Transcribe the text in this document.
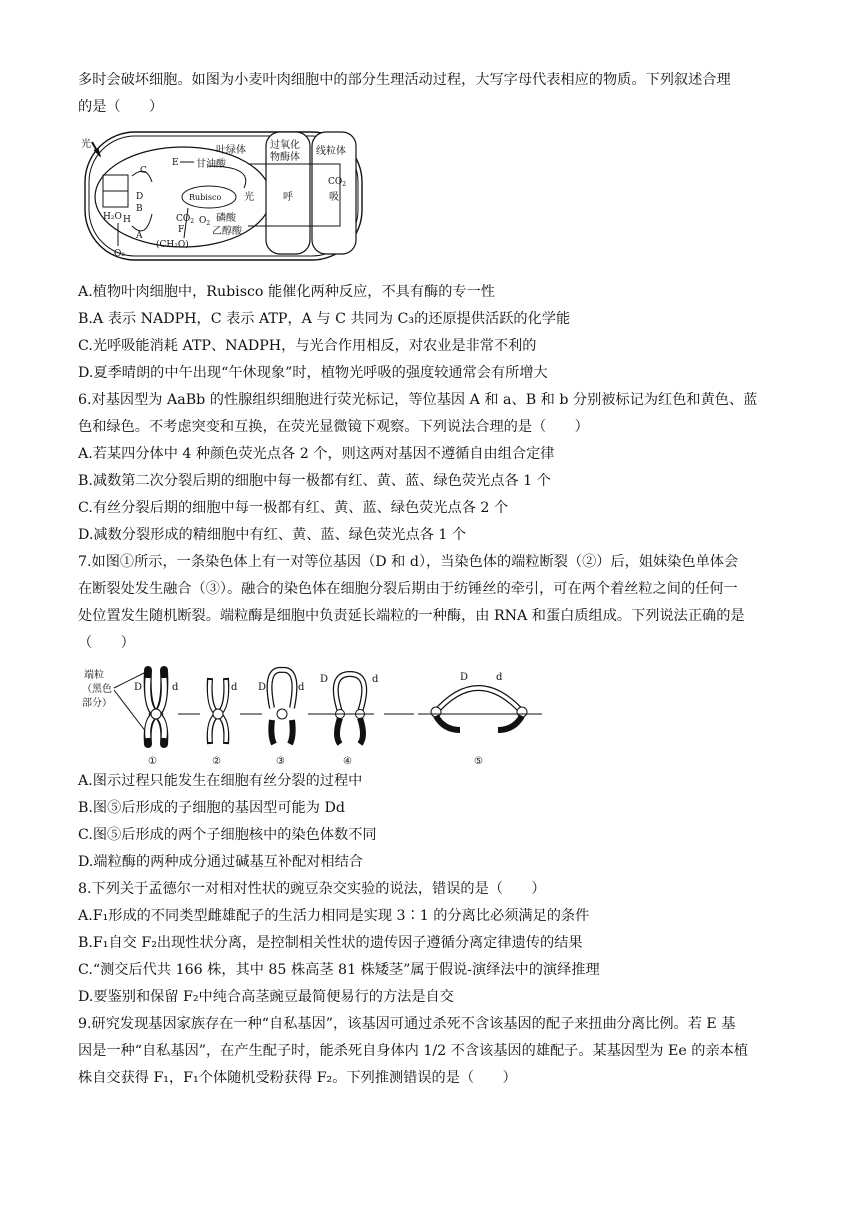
多时会破坏细胞。如图为小麦叶肉细胞中的部分生理活动过程，大写字母代表相应的物质。下列叙述合理
的是（　　）
光
叶绿体
H₂O H
O₂
C
D
B
A
E
F
甘油酸
Rubisco 光
$CO_2$ $O_2$ 磷酸
乙醇酸
(CH₂O)
过氧化
物酶体
呼
线粒体
吸
$CO_2$
A.植物叶肉细胞中，Rubisco 能催化两种反应，不具有酶的专一性
B.A 表示 NADPH，C 表示 ATP，A 与 C 共同为 C₃的还原提供活跃的化学能
C.光呼吸能消耗 ATP、NADPH，与光合作用相反，对农业是非常不利的
D.夏季晴朗的中午出现“午休现象”时，植物光呼吸的强度较通常会有所增大
6.对基因型为 AaBb 的性腺组织细胞进行荧光标记，等位基因 A 和 a、B 和 b 分别被标记为红色和黄色、蓝
色和绿色。不考虑突变和互换，在荧光显微镜下观察。下列说法合理的是（　　）
A.若某四分体中 4 种颜色荧光点各 2 个，则这两对基因不遵循自由组合定律
B.减数第二次分裂后期的细胞中每一极都有红、黄、蓝、绿色荧光点各 1 个
C.有丝分裂后期的细胞中每一极都有红、黄、蓝、绿色荧光点各 2 个
D.减数分裂形成的精细胞中有红、黄、蓝、绿色荧光点各 1 个
7.如图①所示，一条染色体上有一对等位基因（D 和 d），当染色体的端粒断裂（②）后，姐妹染色单体会
在断裂处发生融合（③）。融合的染色体在细胞分裂后期由于纺锤丝的牵引，可在两个着丝粒之间的任何一
处位置发生随机断裂。端粒酶是细胞中负责延长端粒的一种酶，由 RNA 和蛋白质组成。下列说法正确的是
（　　）
端粒
（黑色
部分）
D	d	d D	d
D	d	D	d
①	②	③	④	⑤
A.图示过程只能发生在细胞有丝分裂的过程中
B.图⑤后形成的子细胞的基因型可能为 Dd
C.图⑤后形成的两个子细胞核中的染色体数不同
D.端粒酶的两种成分通过碱基互补配对相结合
8.下列关于孟德尔一对相对性状的豌豆杂交实验的说法，错误的是（　　）
A.F₁形成的不同类型雌雄配子的生活力相同是实现 3∶1 的分离比必须满足的条件
B.F₁自交 F₂出现性状分离，是控制相关性状的遗传因子遵循分离定律遗传的结果
C.“测交后代共 166 株，其中 85 株高茎 81 株矮茎”属于假说-演绎法中的演绎推理
D.要鉴别和保留 F₂中纯合高茎豌豆最简便易行的方法是自交
9.研究发现基因家族存在一种“自私基因”，该基因可通过杀死不含该基因的配子来扭曲分离比例。若 E 基
因是一种“自私基因”，在产生配子时，能杀死自身体内 1/2 不含该基因的雄配子。某基因型为 Ee 的亲本植
株自交获得 F₁，F₁个体随机受粉获得 F₂。下列推测错误的是（　　）
